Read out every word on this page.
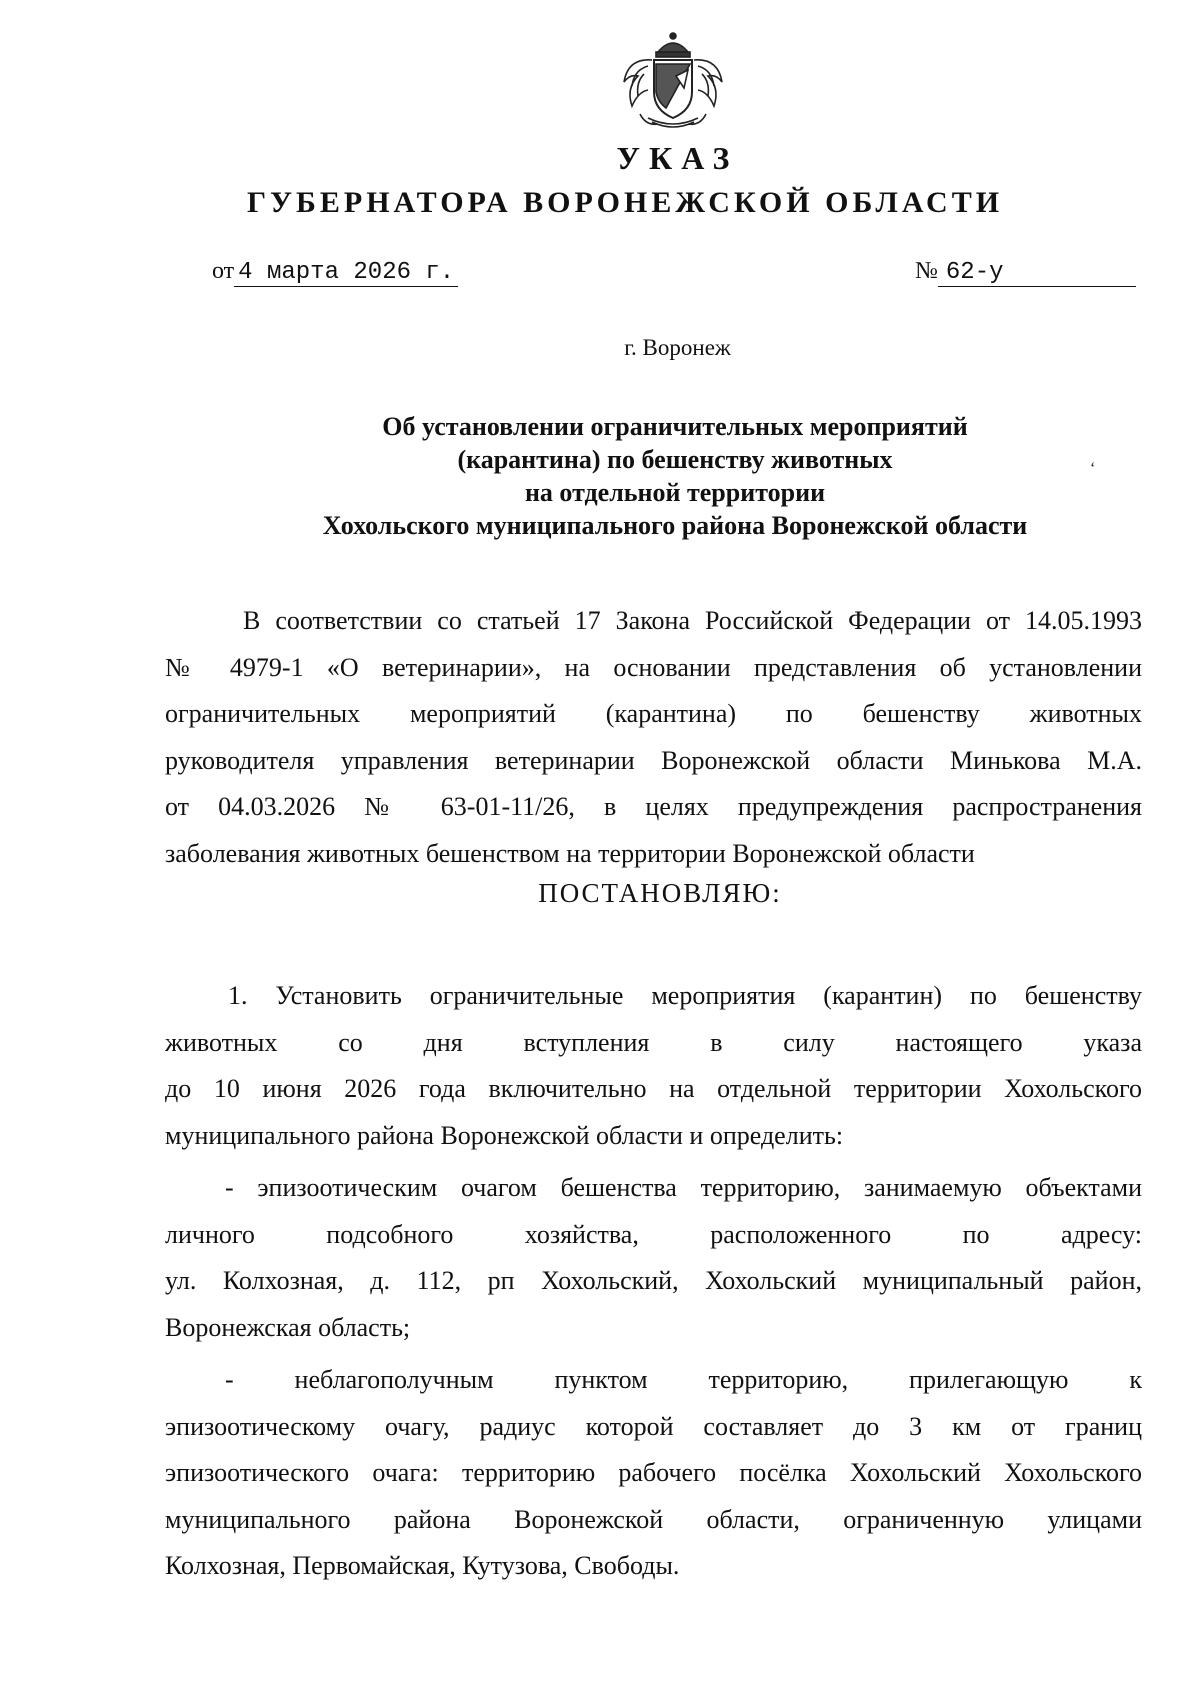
УКАЗ
ГУБЕРНАТОРА ВОРОНЕЖСКОЙ ОБЛАСТИ
от 4 марта 2026 г.	№ 62-у
г. Воронеж
Об установлении ограничительных мероприятий
(карантина) по бешенству животных
на отдельной территории
Хохольского муниципального района Воронежской области
ʻ
В соответствии со статьей 17 Закона Российской Федерации от 14.05.1993
№ 4979-1 «О ветеринарии», на основании представления об установлении
ограничительных мероприятий (карантина) по бешенству животных
руководителя управления ветеринарии Воронежской области Минькова М.А.
от 04.03.2026 № 63-01-11/26, в целях предупреждения распространения
заболевания животных бешенством на территории Воронежской области
ПОСТАНОВЛЯЮ:
1. Установить ограничительные мероприятия (карантин) по бешенству
животных со дня вступления в силу настоящего указа
до 10 июня 2026 года включительно на отдельной территории Хохольского
муниципального района Воронежской области и определить:
- эпизоотическим очагом бешенства территорию, занимаемую объектами
личного подсобного хозяйства, расположенного по адресу:
ул. Колхозная, д. 112, рп Хохольский, Хохольский муниципальный район,
Воронежская область;
- неблагополучным пунктом территорию, прилегающую к
эпизоотическому очагу, радиус которой составляет до 3 км от границ
эпизоотического очага: территорию рабочего посёлка Хохольский Хохольского
муниципального района Воронежской области, ограниченную улицами
Колхозная, Первомайская, Кутузова, Свободы.
